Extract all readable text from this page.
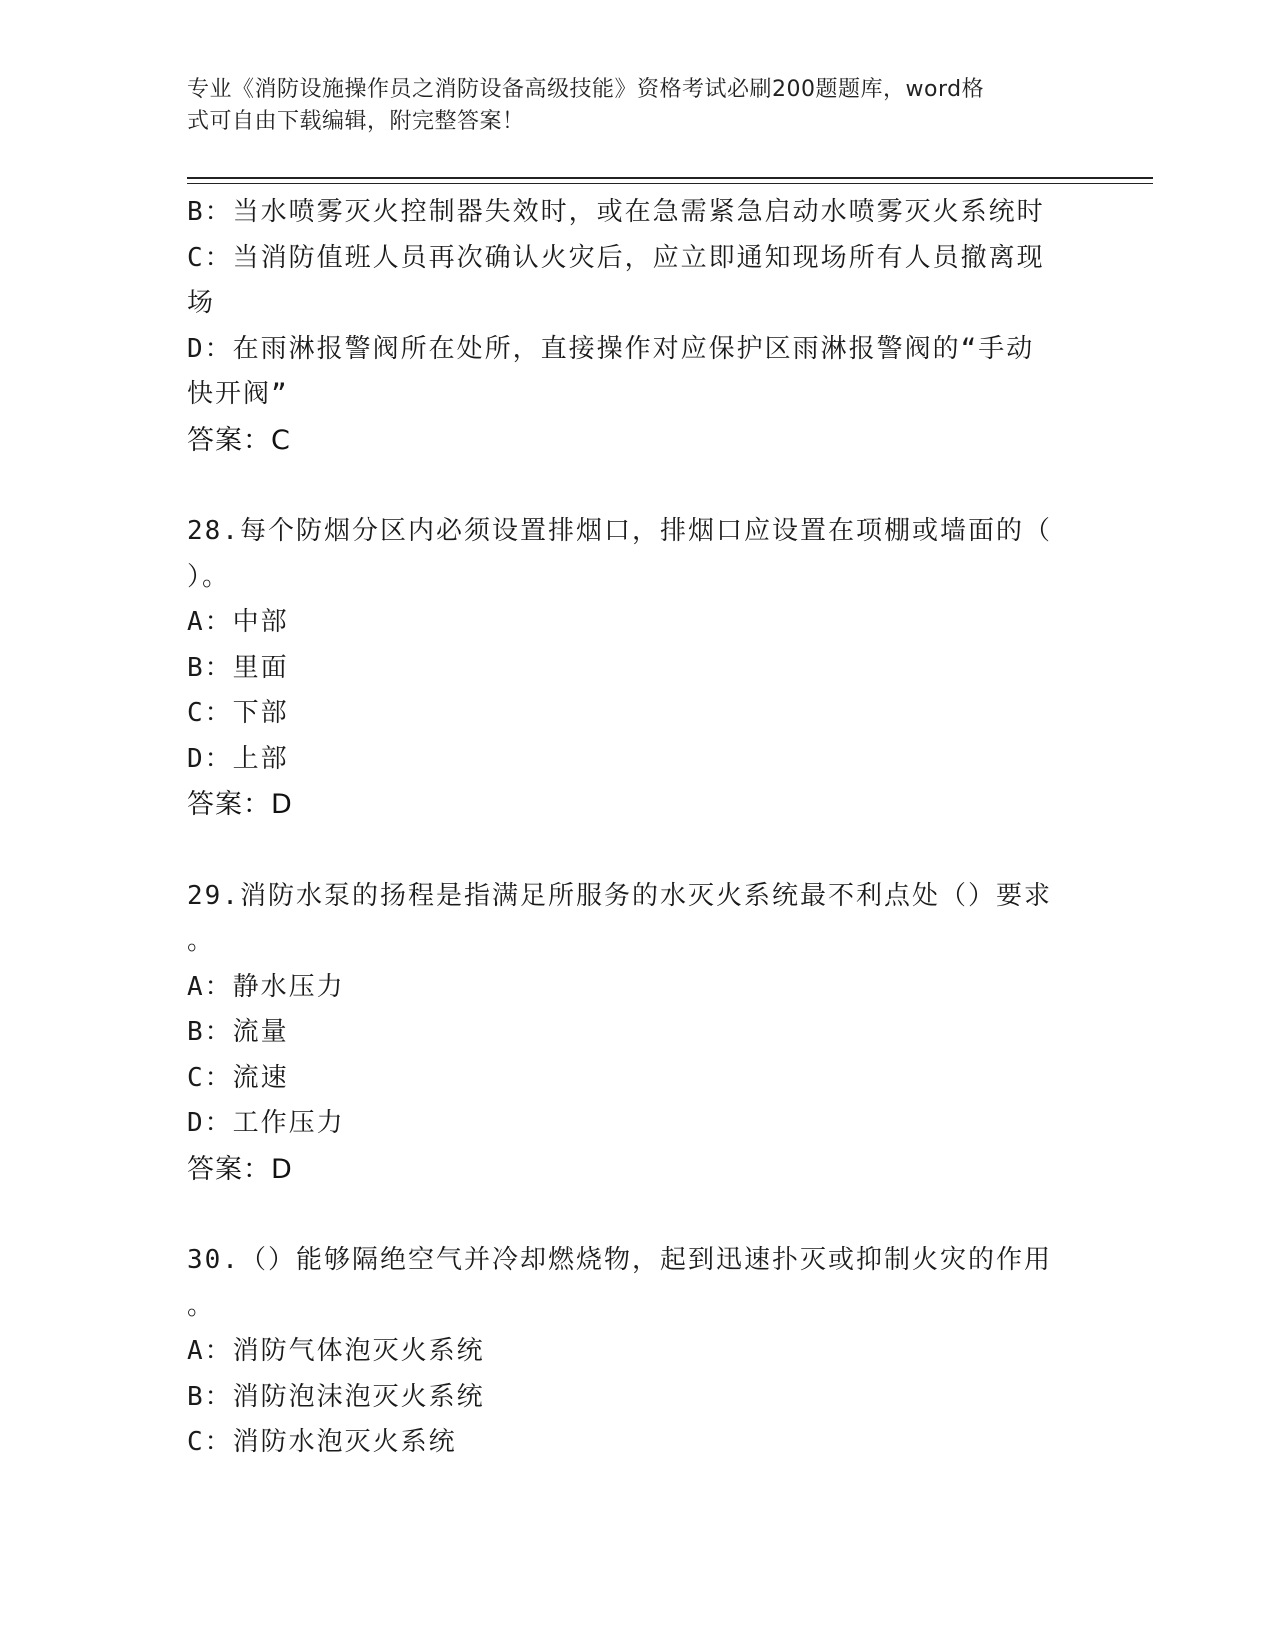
专业《消防设施操作员之消防设备高级技能》资格考试必刷200题题库，word格
式可自由下载编辑，附完整答案！
B：当水喷雾灭火控制器失效时，或在急需紧急启动水喷雾灭火系统时
C：当消防值班人员再次确认火灾后，应立即通知现场所有人员撤离现
场
D：在雨淋报警阀所在处所，直接操作对应保护区雨淋报警阀的“手动
快开阀”
答案：C
28.每个防烟分区内必须设置排烟口，排烟口应设置在项棚或墙面的（
）。
A：中部
B：里面
C：下部
D：上部
答案：D
29.消防水泵的扬程是指满足所服务的水灭火系统最不利点处（）要求
。
A：静水压力
B：流量
C：流速
D：工作压力
答案：D
30.（）能够隔绝空气并冷却燃烧物，起到迅速扑灭或抑制火灾的作用
。
A：消防气体泡灭火系统
B：消防泡沫泡灭火系统
C：消防水泡灭火系统
